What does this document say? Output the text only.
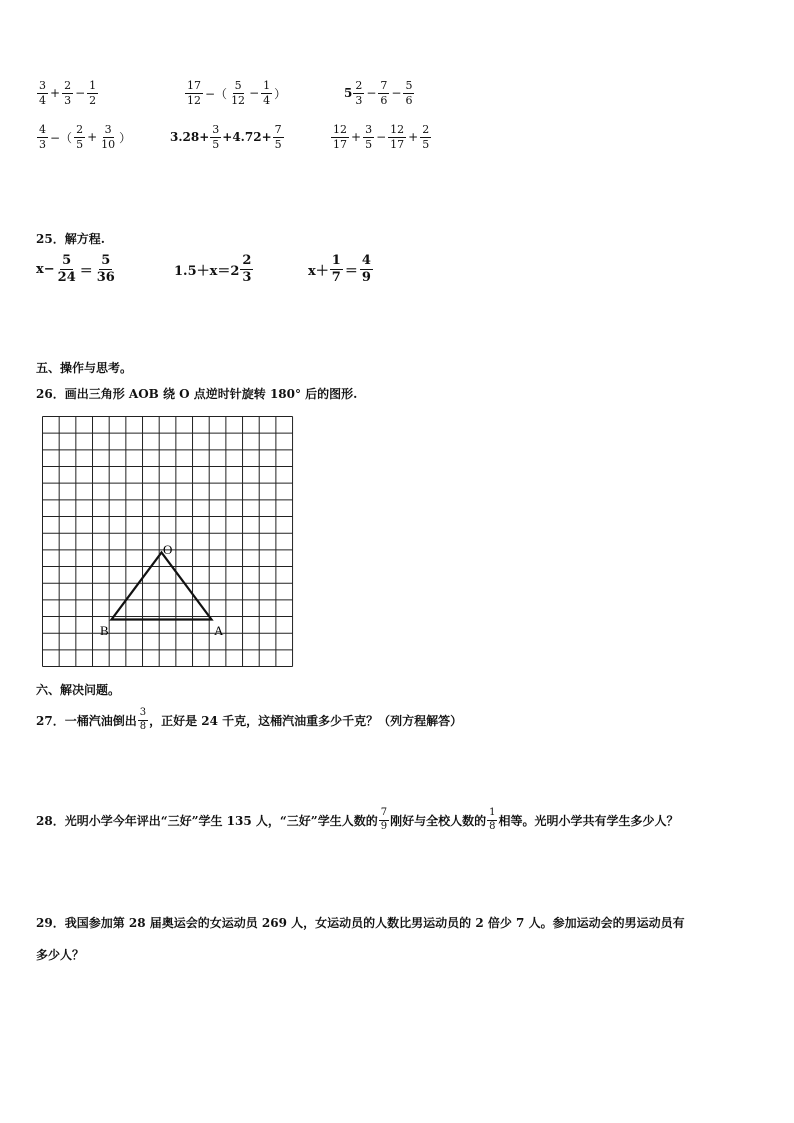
$\frac{3}{4} + \frac{2}{3} - \frac{1}{2}$	$\frac{17}{12}$ −（ $\frac{5}{12} - \frac{1}{4}$ ）	$5 \frac{2}{3} - \frac{7}{6} - \frac{5}{6}$
$\frac{4}{3}$ −（ $\frac{2}{5} + \frac{3}{10}$ ）	$3.28+ \frac{3}{5} +4.72+ \frac{7}{5}$	$\frac{12}{17} + \frac{3}{5} - \frac{12}{17} + \frac{2}{5}$
25．解方程.
$x- \frac{5}{24} = \frac{5}{36}$	$1.5+x=2 \frac{2}{3}$	$x+ \frac{1}{7} = \frac{4}{9}$
五、操作与思考。
26．画出三角形 AOB 绕 O 点逆时针旋转 180° 后的图形.
O
B	A
六、解决问题。
27．一桶汽油倒出 $\frac{3}{8}$ ，正好是 24 千克，这桶汽油重多少千克？（列方程解答）
28．光明小学今年评出“三好”学生 135 人，“三好”学生人数的 $\frac{7}{9}$ 刚好与全校人数的 $\frac{1}{8}$ 相等。光明小学共有学生多少人？
29．我国参加第 28 届奥运会的女运动员 269 人，女运动员的人数比男运动员的 2 倍少 7 人。参加运动会的男运动员有
多少人？
